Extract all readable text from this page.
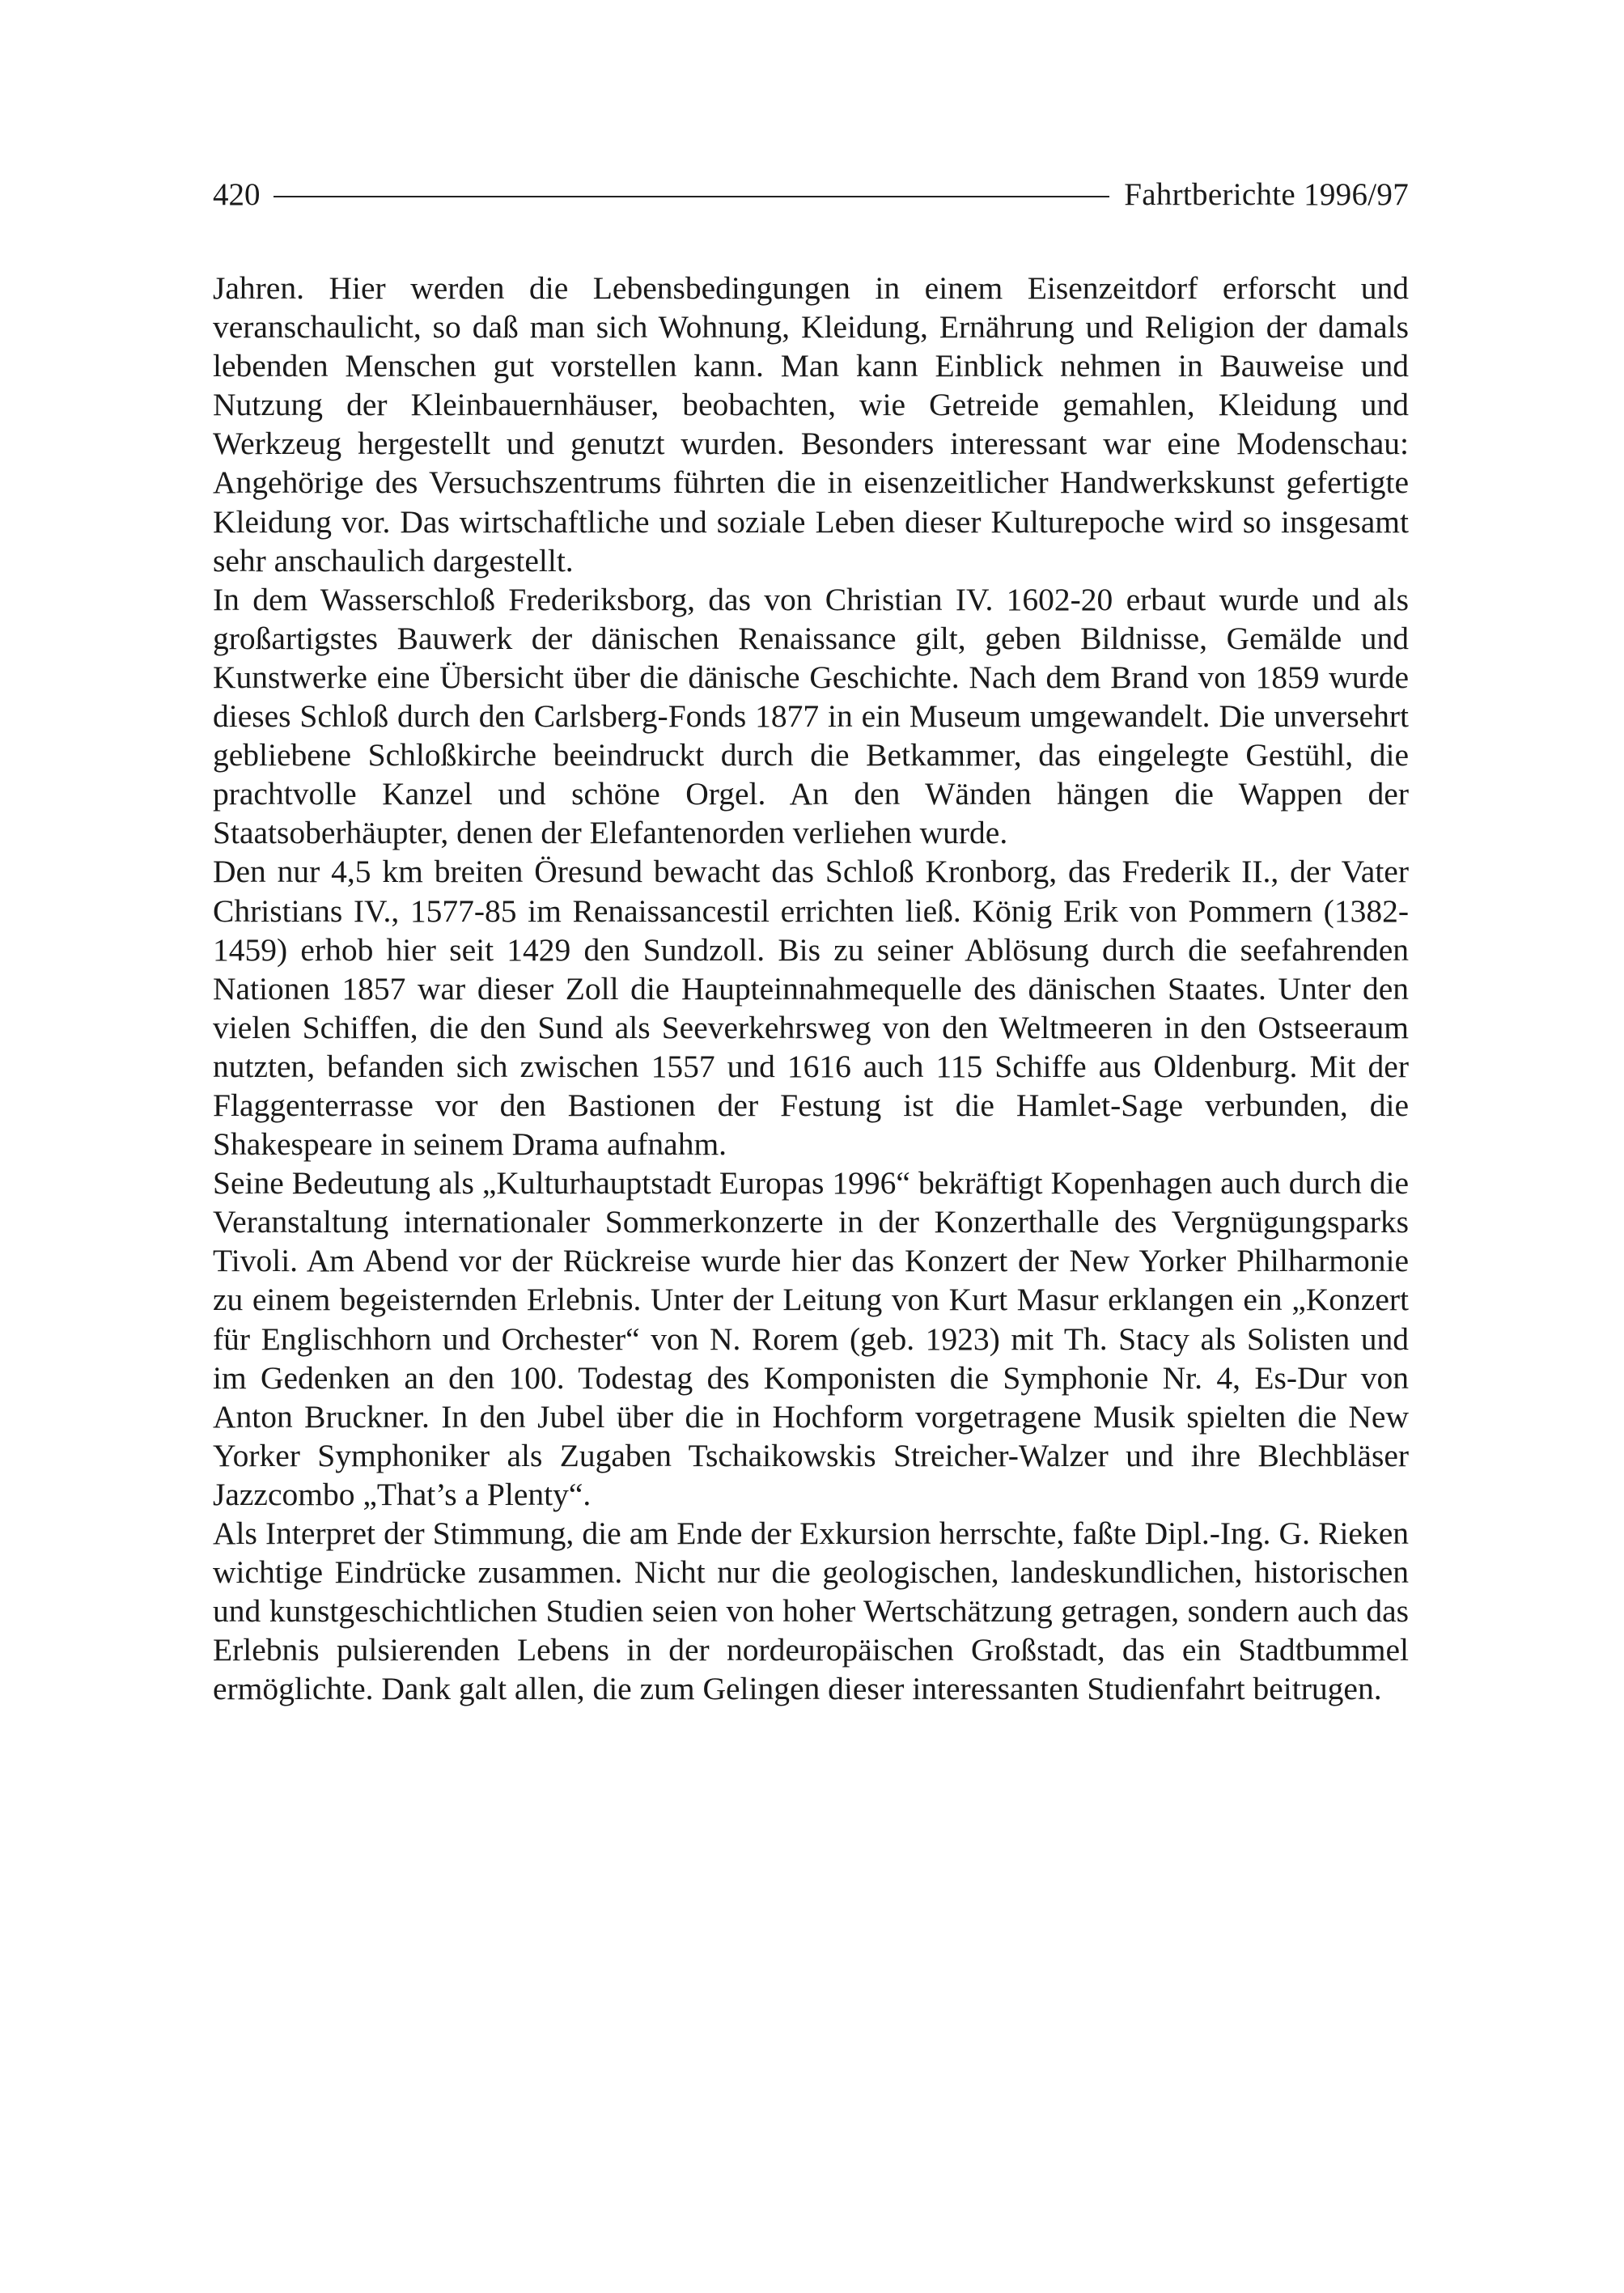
420	Fahrtberichte 1996/97

Jahren. Hier werden die Lebensbedingungen in einem Eisenzeitdorf erforscht und veranschaulicht, so daß man sich Wohnung, Kleidung, Ernährung und Religion der damals lebenden Menschen gut vorstellen kann. Man kann Einblick nehmen in Bauweise und Nutzung der Kleinbauernhäuser, beobachten, wie Getreide gemahlen, Kleidung und Werkzeug hergestellt und genutzt wurden. Besonders interessant war eine Modenschau: Angehörige des Versuchszentrums führten die in eisenzeitlicher Handwerkskunst gefertigte Kleidung vor. Das wirtschaftliche und soziale Leben dieser Kulturepoche wird so insgesamt sehr anschaulich dargestellt.

In dem Wasserschloß Frederiksborg, das von Christian IV. 1602-20 erbaut wurde und als großartigstes Bauwerk der dänischen Renaissance gilt, geben Bildnisse, Gemälde und Kunstwerke eine Übersicht über die dänische Geschichte. Nach dem Brand von 1859 wurde dieses Schloß durch den Carlsberg-Fonds 1877 in ein Museum umgewandelt. Die unversehrt gebliebene Schloßkirche beeindruckt durch die Betkammer, das eingelegte Gestühl, die prachtvolle Kanzel und schöne Orgel. An den Wänden hängen die Wappen der Staatsoberhäupter, denen der Elefantenorden verliehen wurde.

Den nur 4,5 km breiten Öresund bewacht das Schloß Kronborg, das Frederik II., der Vater Christians IV., 1577-85 im Renaissancestil errichten ließ. König Erik von Pommern (1382-1459) erhob hier seit 1429 den Sundzoll. Bis zu seiner Ablösung durch die seefahrenden Nationen 1857 war dieser Zoll die Haupteinnahmequelle des dänischen Staates. Unter den vielen Schiffen, die den Sund als Seeverkehrsweg von den Weltmeeren in den Ostseeraum nutzten, befanden sich zwischen 1557 und 1616 auch 115 Schiffe aus Oldenburg. Mit der Flaggenterrasse vor den Bastionen der Festung ist die Hamlet-Sage verbunden, die Shakespeare in seinem Drama aufnahm.

Seine Bedeutung als „Kulturhauptstadt Europas 1996“ bekräftigt Kopenhagen auch durch die Veranstaltung internationaler Sommerkonzerte in der Konzerthalle des Vergnügungsparks Tivoli. Am Abend vor der Rückreise wurde hier das Konzert der New Yorker Philharmonie zu einem begeisternden Erlebnis. Unter der Leitung von Kurt Masur erklangen ein „Konzert für Englischhorn und Orchester“ von N. Rorem (geb. 1923) mit Th. Stacy als Solisten und im Gedenken an den 100. Todestag des Komponisten die Symphonie Nr. 4, Es-Dur von Anton Bruckner. In den Jubel über die in Hochform vorgetragene Musik spielten die New Yorker Symphoniker als Zugaben Tschaikowskis Streicher-Walzer und ihre Blechbläser Jazzcombo „That’s a Plenty“.

Als Interpret der Stimmung, die am Ende der Exkursion herrschte, faßte Dipl.-Ing. G. Rieken wichtige Eindrücke zusammen. Nicht nur die geologischen, landeskundlichen, historischen und kunstgeschichtlichen Studien seien von hoher Wertschätzung getragen, sondern auch das Erlebnis pulsierenden Lebens in der nordeuropäischen Großstadt, das ein Stadtbummel ermöglichte. Dank galt allen, die zum Gelingen dieser interessanten Studienfahrt beitrugen.
